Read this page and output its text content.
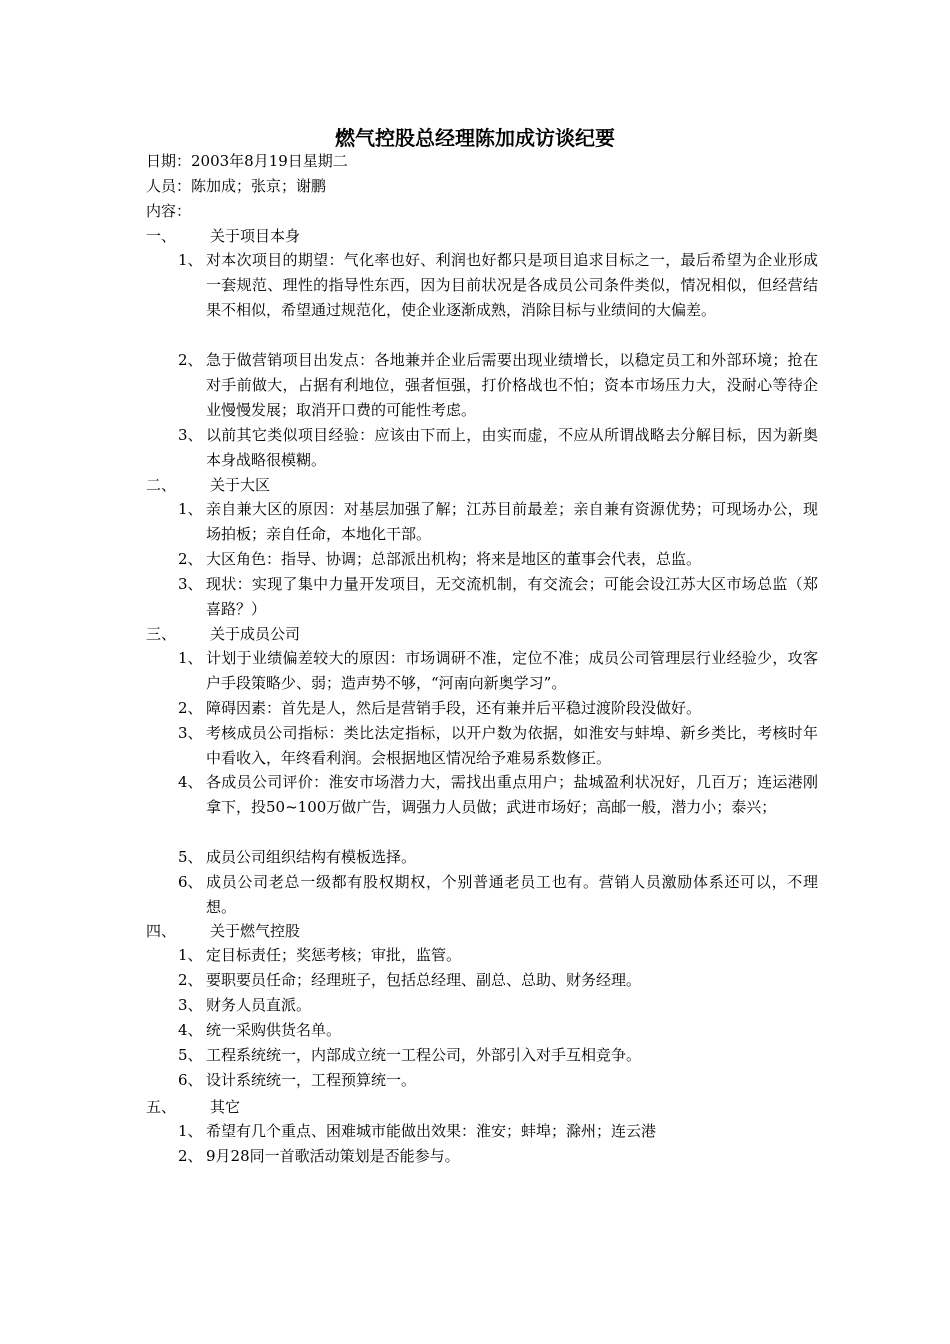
燃气控股总经理陈加成访谈纪要
日期：2003年8月19日星期二
人员：陈加成；张京；谢鹏
内容：
一、 关于项目本身
1、 对本次项目的期望：气化率也好、利润也好都只是项目追求目标之一，最后希望为企业形成一套规范、理性的指导性东西，因为目前状况是各成员公司条件类似，情况相似，但经营结果不相似，希望通过规范化，使企业逐渐成熟，消除目标与业绩间的大偏差。
2、 急于做营销项目出发点：各地兼并企业后需要出现业绩增长，以稳定员工和外部环境；抢在对手前做大，占据有利地位，强者恒强，打价格战也不怕；资本市场压力大，没耐心等待企业慢慢发展；取消开口费的可能性考虑。
3、 以前其它类似项目经验：应该由下而上，由实而虚，不应从所谓战略去分解目标，因为新奥本身战略很模糊。
二、 关于大区
1、 亲自兼大区的原因：对基层加强了解；江苏目前最差；亲自兼有资源优势；可现场办公，现场拍板；亲自任命，本地化干部。
2、 大区角色：指导、协调；总部派出机构；将来是地区的董事会代表，总监。
3、 现状：实现了集中力量开发项目，无交流机制，有交流会；可能会设江苏大区市场总监（郑喜路？）
三、 关于成员公司
1、 计划于业绩偏差较大的原因：市场调研不准，定位不准；成员公司管理层行业经验少，攻客户手段策略少、弱；造声势不够，“河南向新奥学习”。
2、 障碍因素：首先是人，然后是营销手段，还有兼并后平稳过渡阶段没做好。
3、 考核成员公司指标：类比法定指标，以开户数为依据，如淮安与蚌埠、新乡类比，考核时年中看收入，年终看利润。会根据地区情况给予难易系数修正。
4、 各成员公司评价：淮安市场潜力大，需找出重点用户；盐城盈利状况好，几百万；连运港刚拿下，投50~100万做广告，调强力人员做；武进市场好；高邮一般，潜力小；泰兴；
5、 成员公司组织结构有模板选择。
6、 成员公司老总一级都有股权期权，个别普通老员工也有。营销人员激励体系还可以，不理想。
四、 关于燃气控股
1、 定目标责任；奖惩考核；审批，监管。
2、 要职要员任命；经理班子，包括总经理、副总、总助、财务经理。
3、 财务人员直派。
4、 统一采购供货名单。
5、 工程系统统一，内部成立统一工程公司，外部引入对手互相竞争。
6、 设计系统统一，工程预算统一。
五、 其它
1、 希望有几个重点、困难城市能做出效果：淮安；蚌埠；滁州；连云港
2、 9月28同一首歌活动策划是否能参与。
